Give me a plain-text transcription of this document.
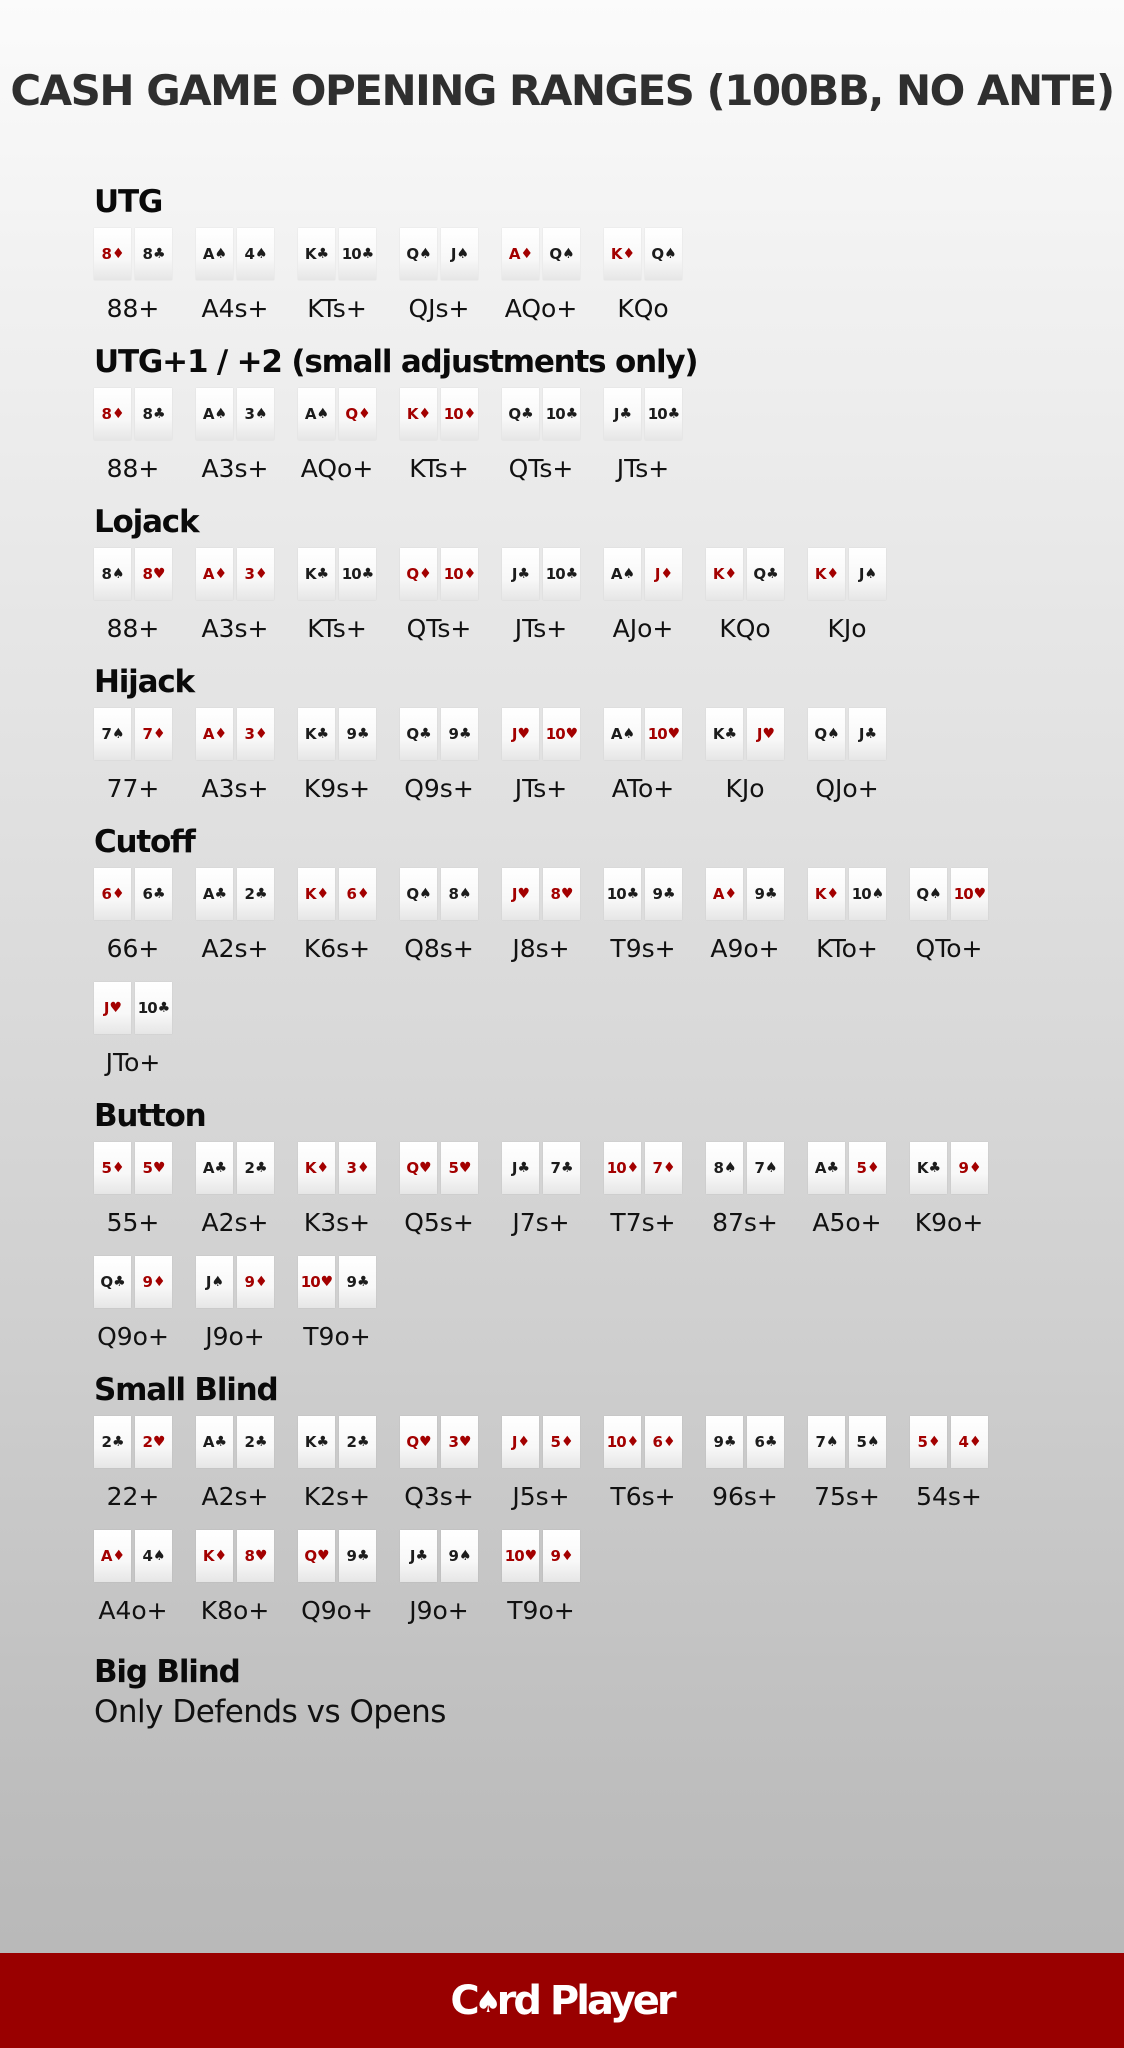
CASH GAME OPENING RANGES (100BB, NO ANTE)
UTG
8 ♦ 8 ♣
88+
A ♠ 4 ♠
A4s+
K ♣ 10 ♣
KTs+
Q ♠ J ♠
QJs+
A ♦ Q ♠
AQo+
K ♦ Q ♠
KQo
UTG+1 / +2 (small adjustments only)
8 ♦ 8 ♣
88+
A ♠ 3 ♠
A3s+
A ♠ Q ♦
AQo+
K ♦ 10 ♦
KTs+
Q ♣ 10 ♣
QTs+
J ♣ 10 ♣
JTs+
Lojack
8 ♠ 8 ♥
88+
A ♦ 3 ♦
A3s+
K ♣ 10 ♣
KTs+
Q ♦ 10 ♦
QTs+
J ♣ 10 ♣
JTs+
A ♠ J ♦
AJo+
K ♦ Q ♣
KQo
K ♦ J ♠
KJo
Hijack
7 ♠ 7 ♦
77+
A ♦ 3 ♦
A3s+
K ♣ 9 ♣
K9s+
Q ♣ 9 ♣
Q9s+
J ♥ 10 ♥
JTs+
A ♠ 10 ♥
ATo+
K ♣ J ♥
KJo
Q ♠ J ♣
QJo+
Cutoff
6 ♦ 6 ♣
66+
A ♣ 2 ♣
A2s+
K ♦ 6 ♦
K6s+
Q ♠ 8 ♠
Q8s+
J ♥ 8 ♥
J8s+
10 ♣ 9 ♣
T9s+
A ♦ 9 ♣
A9o+
K ♦ 10 ♠
KTo+
Q ♠ 10 ♥
QTo+
J ♥ 10 ♣
JTo+
Button
5 ♦ 5 ♥
55+
A ♣ 2 ♣
A2s+
K ♦ 3 ♦
K3s+
Q ♥ 5 ♥
Q5s+
J ♣ 7 ♣
J7s+
10 ♦ 7 ♦
T7s+
8 ♠ 7 ♠
87s+
A ♣ 5 ♦
A5o+
K ♣ 9 ♦
K9o+
Q ♣ 9 ♦
Q9o+
J ♠ 9 ♦
J9o+
10 ♥ 9 ♣
T9o+
Small Blind
2 ♣ 2 ♥
22+
A ♣ 2 ♣
A2s+
K ♣ 2 ♣
K2s+
Q ♥ 3 ♥
Q3s+
J ♦ 5 ♦
J5s+
10 ♦ 6 ♦
T6s+
9 ♣ 6 ♣
96s+
7 ♠ 5 ♠
75s+
5 ♦ 4 ♦
54s+
A ♦ 4 ♠
A4o+
K ♦ 8 ♥
K8o+
Q ♥ 9 ♣
Q9o+
J ♣ 9 ♠
J9o+
10 ♥ 9 ♦
T9o+
Big Blind
Only Defends vs Opens
C
♠
rd Player
